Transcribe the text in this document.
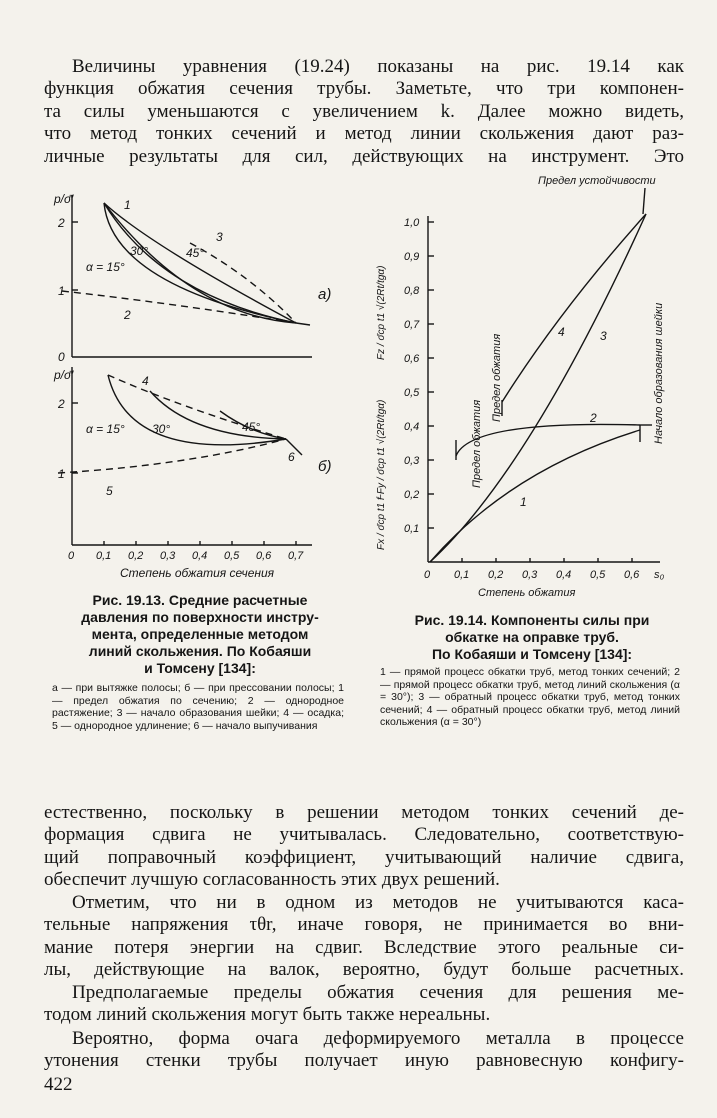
Величины уравнения (19.24) показаны на рис. 19.14 как
функция обжатия сечения трубы. Заметьте, что три компонен-
та силы уменьшаются с увеличением k. Далее можно видеть,
что метод тонких сечений и метод линии скольжения дают раз-
личные результаты для сил, действующих на инструмент. Это
p/σ̄′
p/σ̄′
2
1
0
2
1
а)
б)
α = 15°
30°	45°
α = 15° 30°	45°
1
2
3
4
5
6
0 0,1 0,2 0,3 0,4 0,5 0,6 0,7
Степень обжатия сечения
Рис. 19.13. Средние расчетные
давления по поверхности инстру-
мента, определенные методом
линий скольжения. По Кобаяши
и Томсену [134]:
а — при вытяжке полосы; б — при прессовании полосы; 1 — предел обжатия по сечению; 2 — однородное растяжение; 3 — начало образования шейки; 4 — осадка; 5 — однородное удлинение; 6 — начало выпучивания
Предел устойчивости
0,1
0,2
0,3
0,4
0,5
0,6
0,7
0,8
0,9
1,0
0 0,1 0,2 0,3 0,4 0,5 0,6 s₀
Степень обжатия
Fz / σ̄cp t1 √(2Rt/tgα)
−Fy / σ̄cp t1 √(2Rt/tgα)
Fx / σ̄cp t1 f
Предел обжатия
Предел обжатия	Начало образования шейки
1
2
3
4
Рис. 19.14. Компоненты силы при
обкатке на оправке труб.
По Кобаяши и Томсену [134]:
1 — прямой процесс обкатки труб, метод тонких сечений; 2 — прямой процесс обкатки труб, метод линий скольжения (α = 30°); 3 — обратный процесс обкатки труб, метод тонких сечений; 4 — обратный процесс обкатки труб, метод линий скольжения (α = 30°)
естественно, поскольку в решении методом тонких сечений де-
формация сдвига не учитывалась. Следовательно, соответствую-
щий поправочный коэффициент, учитывающий наличие сдвига,
обеспечит лучшую согласованность этих двух решений.
Отметим, что ни в одном из методов не учитываются каса-
тельные напряжения τθr, иначе говоря, не принимается во вни-
мание потеря энергии на сдвиг. Вследствие этого реальные си-
лы, действующие на валок, вероятно, будут больше расчетных.
Предполагаемые пределы обжатия сечения для решения ме-
тодом линий скольжения могут быть также нереальны.
Вероятно, форма очага деформируемого металла в процессе
утонения стенки трубы получает иную равновесную конфигу-
422
